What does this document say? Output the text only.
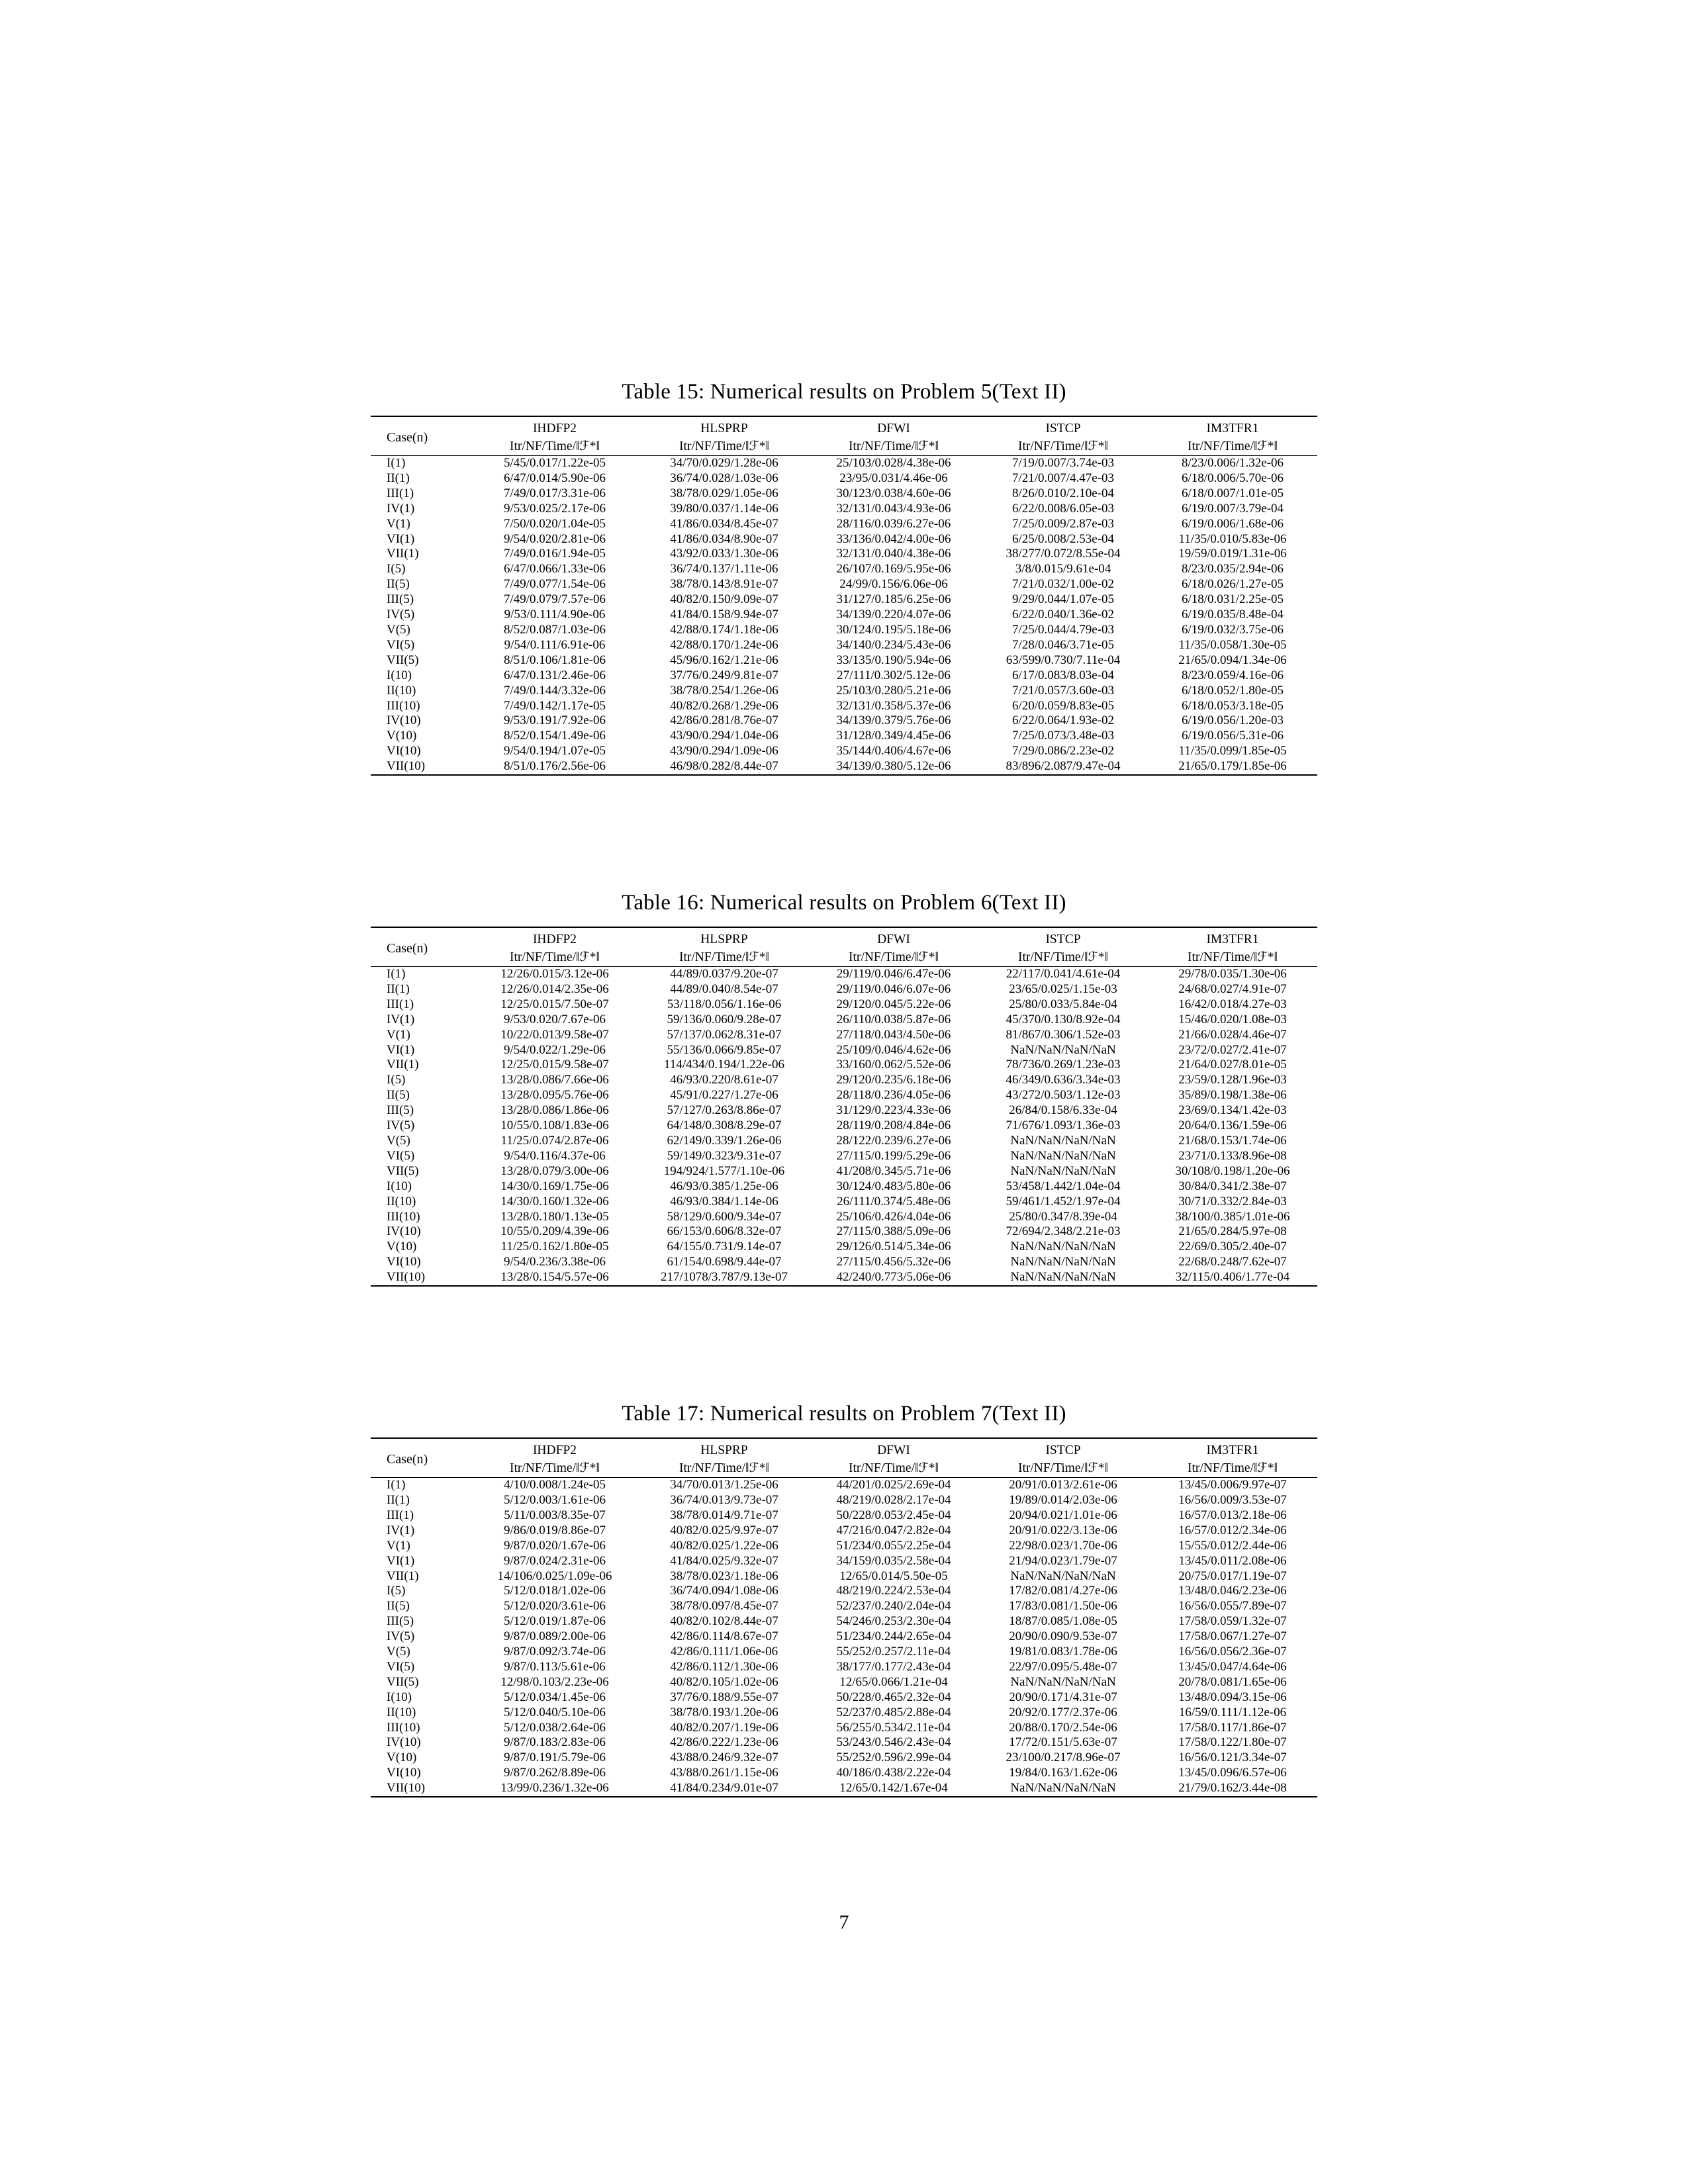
Table 15: Numerical results on Problem 5(Text II)
Case(n)	IHDFP2	HLSPRP	DFWI	ISTCP	IM3TFR1
	Itr/NF/Time/‖ℱ*‖	Itr/NF/Time/‖ℱ*‖	Itr/NF/Time/‖ℱ*‖	Itr/NF/Time/‖ℱ*‖	Itr/NF/Time/‖ℱ*‖
I(1)	5/45/0.017/1.22e-05	34/70/0.029/1.28e-06	25/103/0.028/4.38e-06	7/19/0.007/3.74e-03	8/23/0.006/1.32e-06
II(1)	6/47/0.014/5.90e-06	36/74/0.028/1.03e-06	23/95/0.031/4.46e-06	7/21/0.007/4.47e-03	6/18/0.006/5.70e-06
III(1)	7/49/0.017/3.31e-06	38/78/0.029/1.05e-06	30/123/0.038/4.60e-06	8/26/0.010/2.10e-04	6/18/0.007/1.01e-05
IV(1)	9/53/0.025/2.17e-06	39/80/0.037/1.14e-06	32/131/0.043/4.93e-06	6/22/0.008/6.05e-03	6/19/0.007/3.79e-04
V(1)	7/50/0.020/1.04e-05	41/86/0.034/8.45e-07	28/116/0.039/6.27e-06	7/25/0.009/2.87e-03	6/19/0.006/1.68e-06
VI(1)	9/54/0.020/2.81e-06	41/86/0.034/8.90e-07	33/136/0.042/4.00e-06	6/25/0.008/2.53e-04	11/35/0.010/5.83e-06
VII(1)	7/49/0.016/1.94e-05	43/92/0.033/1.30e-06	32/131/0.040/4.38e-06	38/277/0.072/8.55e-04	19/59/0.019/1.31e-06
I(5)	6/47/0.066/1.33e-06	36/74/0.137/1.11e-06	26/107/0.169/5.95e-06	3/8/0.015/9.61e-04	8/23/0.035/2.94e-06
II(5)	7/49/0.077/1.54e-06	38/78/0.143/8.91e-07	24/99/0.156/6.06e-06	7/21/0.032/1.00e-02	6/18/0.026/1.27e-05
III(5)	7/49/0.079/7.57e-06	40/82/0.150/9.09e-07	31/127/0.185/6.25e-06	9/29/0.044/1.07e-05	6/18/0.031/2.25e-05
IV(5)	9/53/0.111/4.90e-06	41/84/0.158/9.94e-07	34/139/0.220/4.07e-06	6/22/0.040/1.36e-02	6/19/0.035/8.48e-04
V(5)	8/52/0.087/1.03e-06	42/88/0.174/1.18e-06	30/124/0.195/5.18e-06	7/25/0.044/4.79e-03	6/19/0.032/3.75e-06
VI(5)	9/54/0.111/6.91e-06	42/88/0.170/1.24e-06	34/140/0.234/5.43e-06	7/28/0.046/3.71e-05	11/35/0.058/1.30e-05
VII(5)	8/51/0.106/1.81e-06	45/96/0.162/1.21e-06	33/135/0.190/5.94e-06	63/599/0.730/7.11e-04	21/65/0.094/1.34e-06
I(10)	6/47/0.131/2.46e-06	37/76/0.249/9.81e-07	27/111/0.302/5.12e-06	6/17/0.083/8.03e-04	8/23/0.059/4.16e-06
II(10)	7/49/0.144/3.32e-06	38/78/0.254/1.26e-06	25/103/0.280/5.21e-06	7/21/0.057/3.60e-03	6/18/0.052/1.80e-05
III(10)	7/49/0.142/1.17e-05	40/82/0.268/1.29e-06	32/131/0.358/5.37e-06	6/20/0.059/8.83e-05	6/18/0.053/3.18e-05
IV(10)	9/53/0.191/7.92e-06	42/86/0.281/8.76e-07	34/139/0.379/5.76e-06	6/22/0.064/1.93e-02	6/19/0.056/1.20e-03
V(10)	8/52/0.154/1.49e-06	43/90/0.294/1.04e-06	31/128/0.349/4.45e-06	7/25/0.073/3.48e-03	6/19/0.056/5.31e-06
VI(10)	9/54/0.194/1.07e-05	43/90/0.294/1.09e-06	35/144/0.406/4.67e-06	7/29/0.086/2.23e-02	11/35/0.099/1.85e-05
VII(10)	8/51/0.176/2.56e-06	46/98/0.282/8.44e-07	34/139/0.380/5.12e-06	83/896/2.087/9.47e-04	21/65/0.179/1.85e-06
Table 16: Numerical results on Problem 6(Text II)
Case(n)	IHDFP2	HLSPRP	DFWI	ISTCP	IM3TFR1
	Itr/NF/Time/‖ℱ*‖	Itr/NF/Time/‖ℱ*‖	Itr/NF/Time/‖ℱ*‖	Itr/NF/Time/‖ℱ*‖	Itr/NF/Time/‖ℱ*‖
I(1)	12/26/0.015/3.12e-06	44/89/0.037/9.20e-07	29/119/0.046/6.47e-06	22/117/0.041/4.61e-04	29/78/0.035/1.30e-06
II(1)	12/26/0.014/2.35e-06	44/89/0.040/8.54e-07	29/119/0.046/6.07e-06	23/65/0.025/1.15e-03	24/68/0.027/4.91e-07
III(1)	12/25/0.015/7.50e-07	53/118/0.056/1.16e-06	29/120/0.045/5.22e-06	25/80/0.033/5.84e-04	16/42/0.018/4.27e-03
IV(1)	9/53/0.020/7.67e-06	59/136/0.060/9.28e-07	26/110/0.038/5.87e-06	45/370/0.130/8.92e-04	15/46/0.020/1.08e-03
V(1)	10/22/0.013/9.58e-07	57/137/0.062/8.31e-07	27/118/0.043/4.50e-06	81/867/0.306/1.52e-03	21/66/0.028/4.46e-07
VI(1)	9/54/0.022/1.29e-06	55/136/0.066/9.85e-07	25/109/0.046/4.62e-06	NaN/NaN/NaN/NaN	23/72/0.027/2.41e-07
VII(1)	12/25/0.015/9.58e-07	114/434/0.194/1.22e-06	33/160/0.062/5.52e-06	78/736/0.269/1.23e-03	21/64/0.027/8.01e-05
I(5)	13/28/0.086/7.66e-06	46/93/0.220/8.61e-07	29/120/0.235/6.18e-06	46/349/0.636/3.34e-03	23/59/0.128/1.96e-03
II(5)	13/28/0.095/5.76e-06	45/91/0.227/1.27e-06	28/118/0.236/4.05e-06	43/272/0.503/1.12e-03	35/89/0.198/1.38e-06
III(5)	13/28/0.086/1.86e-06	57/127/0.263/8.86e-07	31/129/0.223/4.33e-06	26/84/0.158/6.33e-04	23/69/0.134/1.42e-03
IV(5)	10/55/0.108/1.83e-06	64/148/0.308/8.29e-07	28/119/0.208/4.84e-06	71/676/1.093/1.36e-03	20/64/0.136/1.59e-06
V(5)	11/25/0.074/2.87e-06	62/149/0.339/1.26e-06	28/122/0.239/6.27e-06	NaN/NaN/NaN/NaN	21/68/0.153/1.74e-06
VI(5)	9/54/0.116/4.37e-06	59/149/0.323/9.31e-07	27/115/0.199/5.29e-06	NaN/NaN/NaN/NaN	23/71/0.133/8.96e-08
VII(5)	13/28/0.079/3.00e-06	194/924/1.577/1.10e-06	41/208/0.345/5.71e-06	NaN/NaN/NaN/NaN	30/108/0.198/1.20e-06
I(10)	14/30/0.169/1.75e-06	46/93/0.385/1.25e-06	30/124/0.483/5.80e-06	53/458/1.442/1.04e-04	30/84/0.341/2.38e-07
II(10)	14/30/0.160/1.32e-06	46/93/0.384/1.14e-06	26/111/0.374/5.48e-06	59/461/1.452/1.97e-04	30/71/0.332/2.84e-03
III(10)	13/28/0.180/1.13e-05	58/129/0.600/9.34e-07	25/106/0.426/4.04e-06	25/80/0.347/8.39e-04	38/100/0.385/1.01e-06
IV(10)	10/55/0.209/4.39e-06	66/153/0.606/8.32e-07	27/115/0.388/5.09e-06	72/694/2.348/2.21e-03	21/65/0.284/5.97e-08
V(10)	11/25/0.162/1.80e-05	64/155/0.731/9.14e-07	29/126/0.514/5.34e-06	NaN/NaN/NaN/NaN	22/69/0.305/2.40e-07
VI(10)	9/54/0.236/3.38e-06	61/154/0.698/9.44e-07	27/115/0.456/5.32e-06	NaN/NaN/NaN/NaN	22/68/0.248/7.62e-07
VII(10)	13/28/0.154/5.57e-06	217/1078/3.787/9.13e-07	42/240/0.773/5.06e-06	NaN/NaN/NaN/NaN	32/115/0.406/1.77e-04
Table 17: Numerical results on Problem 7(Text II)
Case(n)	IHDFP2	HLSPRP	DFWI	ISTCP	IM3TFR1
	Itr/NF/Time/‖ℱ*‖	Itr/NF/Time/‖ℱ*‖	Itr/NF/Time/‖ℱ*‖	Itr/NF/Time/‖ℱ*‖	Itr/NF/Time/‖ℱ*‖
I(1)	4/10/0.008/1.24e-05	34/70/0.013/1.25e-06	44/201/0.025/2.69e-04	20/91/0.013/2.61e-06	13/45/0.006/9.97e-07
II(1)	5/12/0.003/1.61e-06	36/74/0.013/9.73e-07	48/219/0.028/2.17e-04	19/89/0.014/2.03e-06	16/56/0.009/3.53e-07
III(1)	5/11/0.003/8.35e-07	38/78/0.014/9.71e-07	50/228/0.053/2.45e-04	20/94/0.021/1.01e-06	16/57/0.013/2.18e-06
IV(1)	9/86/0.019/8.86e-07	40/82/0.025/9.97e-07	47/216/0.047/2.82e-04	20/91/0.022/3.13e-06	16/57/0.012/2.34e-06
V(1)	9/87/0.020/1.67e-06	40/82/0.025/1.22e-06	51/234/0.055/2.25e-04	22/98/0.023/1.70e-06	15/55/0.012/2.44e-06
VI(1)	9/87/0.024/2.31e-06	41/84/0.025/9.32e-07	34/159/0.035/2.58e-04	21/94/0.023/1.79e-07	13/45/0.011/2.08e-06
VII(1)	14/106/0.025/1.09e-06	38/78/0.023/1.18e-06	12/65/0.014/5.50e-05	NaN/NaN/NaN/NaN	20/75/0.017/1.19e-07
I(5)	5/12/0.018/1.02e-06	36/74/0.094/1.08e-06	48/219/0.224/2.53e-04	17/82/0.081/4.27e-06	13/48/0.046/2.23e-06
II(5)	5/12/0.020/3.61e-06	38/78/0.097/8.45e-07	52/237/0.240/2.04e-04	17/83/0.081/1.50e-06	16/56/0.055/7.89e-07
III(5)	5/12/0.019/1.87e-06	40/82/0.102/8.44e-07	54/246/0.253/2.30e-04	18/87/0.085/1.08e-05	17/58/0.059/1.32e-07
IV(5)	9/87/0.089/2.00e-06	42/86/0.114/8.67e-07	51/234/0.244/2.65e-04	20/90/0.090/9.53e-07	17/58/0.067/1.27e-07
V(5)	9/87/0.092/3.74e-06	42/86/0.111/1.06e-06	55/252/0.257/2.11e-04	19/81/0.083/1.78e-06	16/56/0.056/2.36e-07
VI(5)	9/87/0.113/5.61e-06	42/86/0.112/1.30e-06	38/177/0.177/2.43e-04	22/97/0.095/5.48e-07	13/45/0.047/4.64e-06
VII(5)	12/98/0.103/2.23e-06	40/82/0.105/1.02e-06	12/65/0.066/1.21e-04	NaN/NaN/NaN/NaN	20/78/0.081/1.65e-06
I(10)	5/12/0.034/1.45e-06	37/76/0.188/9.55e-07	50/228/0.465/2.32e-04	20/90/0.171/4.31e-07	13/48/0.094/3.15e-06
II(10)	5/12/0.040/5.10e-06	38/78/0.193/1.20e-06	52/237/0.485/2.88e-04	20/92/0.177/2.37e-06	16/59/0.111/1.12e-06
III(10)	5/12/0.038/2.64e-06	40/82/0.207/1.19e-06	56/255/0.534/2.11e-04	20/88/0.170/2.54e-06	17/58/0.117/1.86e-07
IV(10)	9/87/0.183/2.83e-06	42/86/0.222/1.23e-06	53/243/0.546/2.43e-04	17/72/0.151/5.63e-07	17/58/0.122/1.80e-07
V(10)	9/87/0.191/5.79e-06	43/88/0.246/9.32e-07	55/252/0.596/2.99e-04	23/100/0.217/8.96e-07	16/56/0.121/3.34e-07
VI(10)	9/87/0.262/8.89e-06	43/88/0.261/1.15e-06	40/186/0.438/2.22e-04	19/84/0.163/1.62e-06	13/45/0.096/6.57e-06
VII(10)	13/99/0.236/1.32e-06	41/84/0.234/9.01e-07	12/65/0.142/1.67e-04	NaN/NaN/NaN/NaN	21/79/0.162/3.44e-08
7
